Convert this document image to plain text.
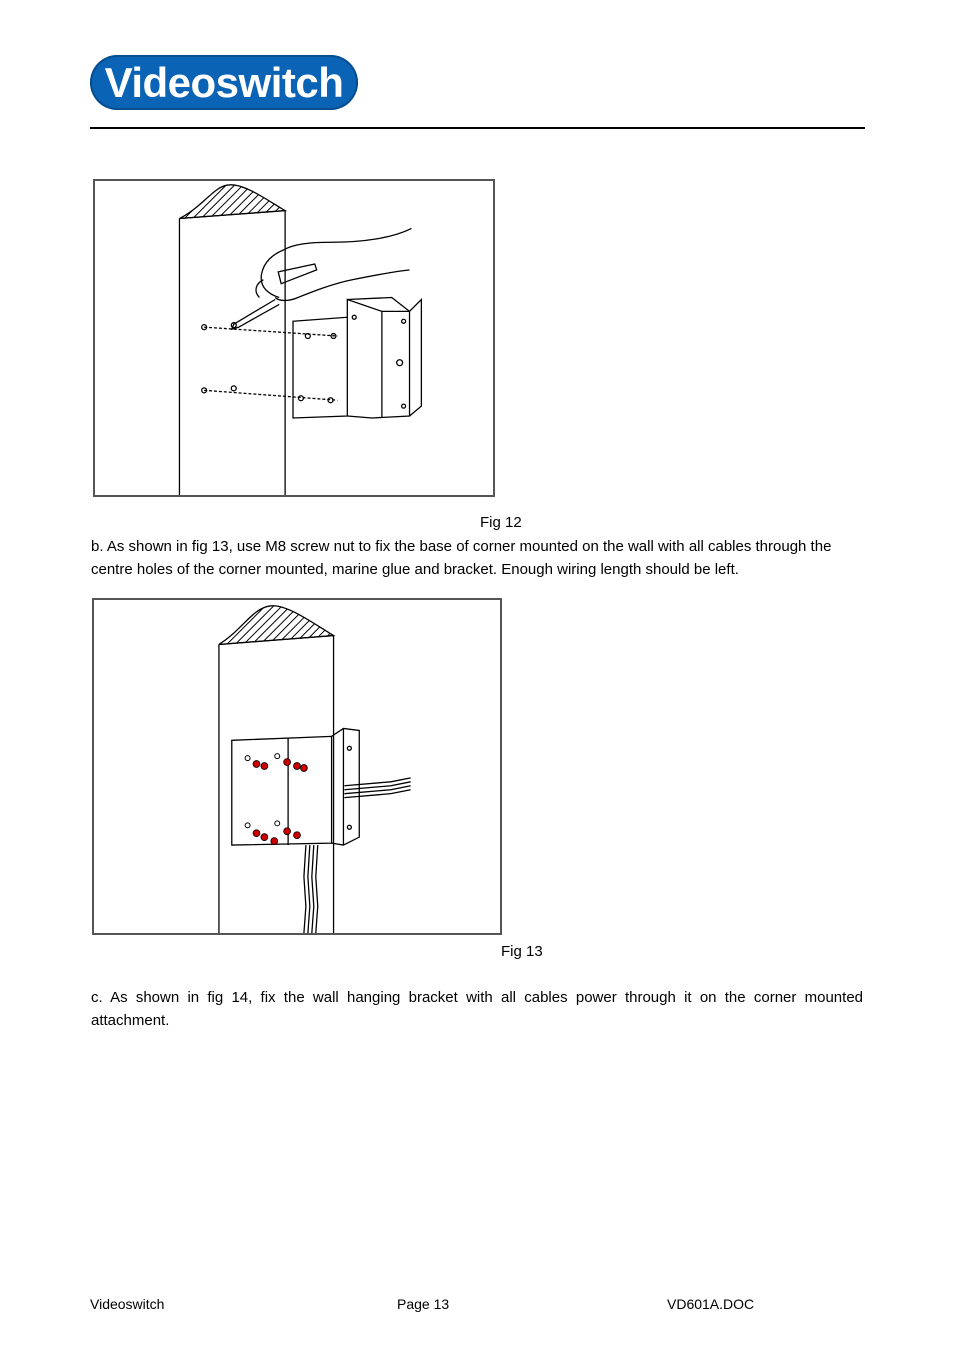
Videoswitch
Fig 12

b. As shown in fig 13, use M8 screw nut to fix the base of corner mounted on the wall with all cables through the centre holes of the corner mounted, marine glue and bracket. Enough wiring length should be left.

Fig 13

c. As shown in fig 14, fix the wall hanging bracket with all cables power through it on the corner mounted attachment.

Videoswitch	Page 13	VD601A.DOC
